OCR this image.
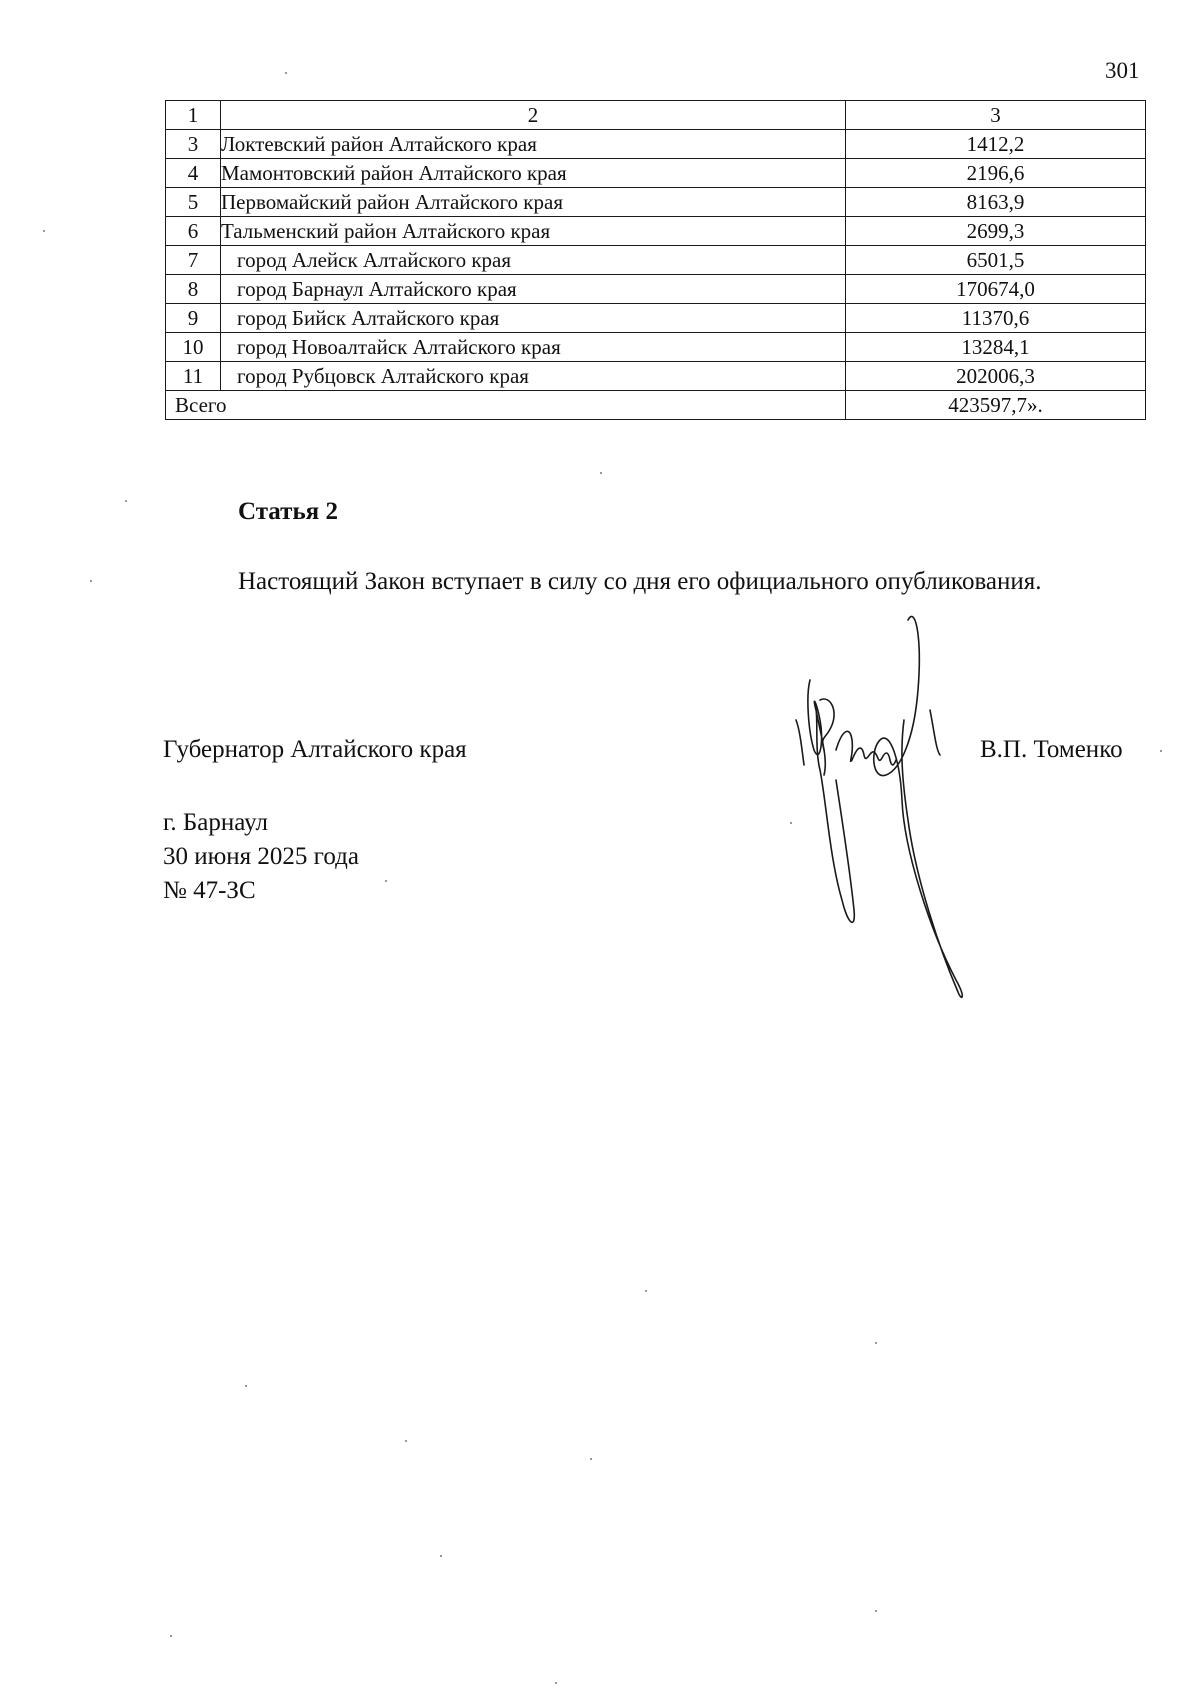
301
1	2	3
3	Локтевский район Алтайского края	1412,2
4	Мамонтовский район Алтайского края	2196,6
5	Первомайский район Алтайского края	8163,9
6	Тальменский район Алтайского края	2699,3
7	город Алейск Алтайского края	6501,5
8	город Барнаул Алтайского края	170674,0
9	город Бийск Алтайского края	11370,6
10	город Новоалтайск Алтайского края	13284,1
11	город Рубцовск Алтайского края	202006,3
Всего		423597,7».
Статья 2
Настоящий Закон вступает в силу со дня его официального опубликования.
Губернатор Алтайского края	В.П. Томенко
г. Барнаул
30 июня 2025 года
№ 47-ЗС
